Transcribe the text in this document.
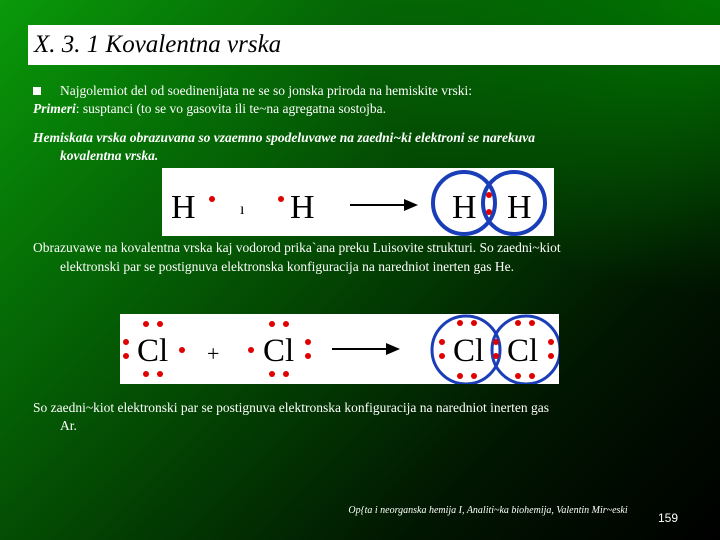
X. 3. 1 Kovalentna vrska
Najgolemiot del od soedinenijata ne se so jonska priroda na hemiskite vrski:
Primeri: susptanci (to se vo gasovita ili te~na agregatna sostojba.
Hemiskata vrska obrazuvana so vzaemno spodeluvawe na zaedni~ki elektroni se narekuva
kovalentna vrska.
H	ı H	H H
Obrazuvawe na kovalentna vrska kaj vodorod prika`ana preku Luisovite strukturi. So zaedni~kiot
elektronski par se postignuva elektronska konfiguracija na naredniot inerten gas He.
Cl + Cl	Cl Cl
So zaedni~kiot elektronski par se postignuva elektronska konfiguracija na naredniot inerten gas
Ar.
Op{ta i neorganska hemija I, Analiti~ka biohemija, Valentin Mir~eski
159
